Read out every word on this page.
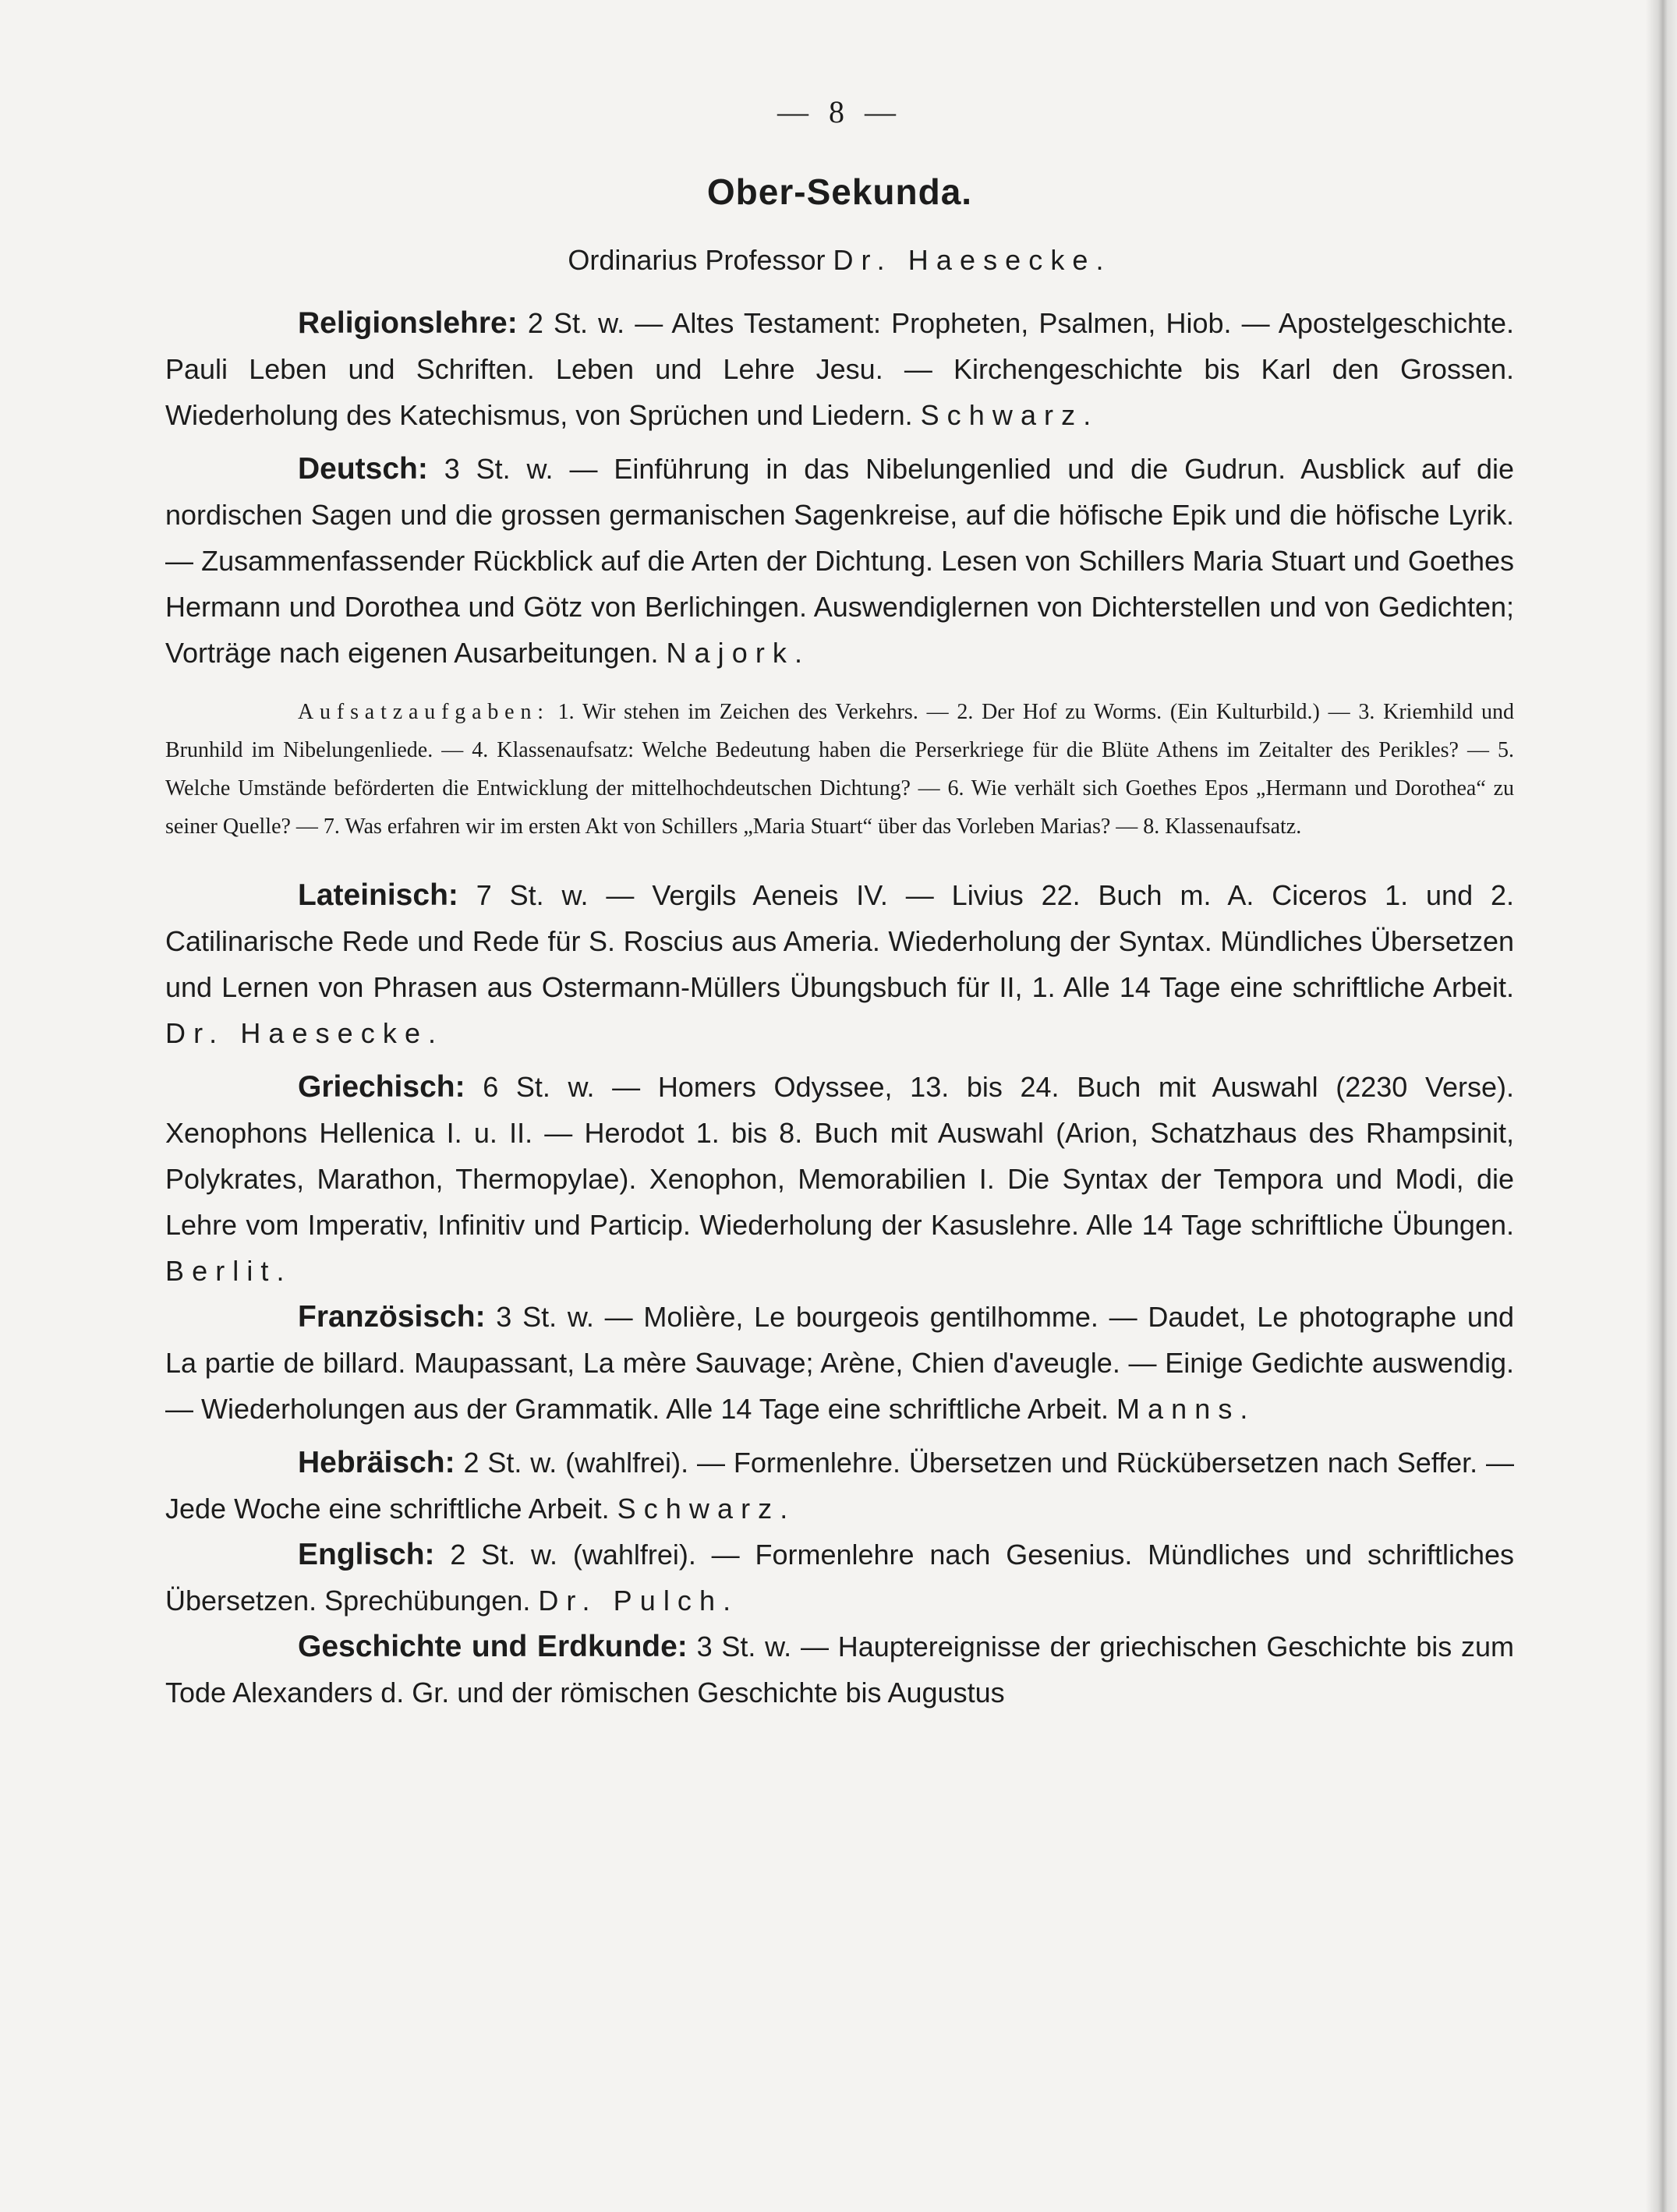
— 8 —
Ober-Sekunda.

Ordinarius Professor Dr. Haesecke.

Religionslehre: 2 St. w. — Altes Testament: Propheten, Psalmen, Hiob. — Apostelgeschichte. Pauli Leben und Schriften. Leben und Lehre Jesu. — Kirchengeschichte bis Karl den Grossen. Wiederholung des Katechismus, von Sprüchen und Liedern. Schwarz.

Deutsch: 3 St. w. — Einführung in das Nibelungenlied und die Gudrun. Ausblick auf die nordischen Sagen und die grossen germanischen Sagenkreise, auf die höfische Epik und die höfische Lyrik. — Zusammenfassender Rückblick auf die Arten der Dichtung. Lesen von Schillers Maria Stuart und Goethes Hermann und Dorothea und Götz von Berlichingen. Auswendiglernen von Dichterstellen und von Gedichten; Vorträge nach eigenen Ausarbeitungen. Najork.

Aufsatzaufgaben: 1. Wir stehen im Zeichen des Verkehrs. — 2. Der Hof zu Worms. (Ein Kulturbild.) — 3. Kriemhild und Brunhild im Nibelungenliede. — 4. Klassenaufsatz: Welche Bedeutung haben die Perserkriege für die Blüte Athens im Zeitalter des Perikles? — 5. Welche Umstände beförderten die Entwicklung der mittelhochdeutschen Dichtung? — 6. Wie verhält sich Goethes Epos „Hermann und Dorothea“ zu seiner Quelle? — 7. Was erfahren wir im ersten Akt von Schillers „Maria Stuart“ über das Vorleben Marias? — 8. Klassenaufsatz.

Lateinisch: 7 St. w. — Vergils Aeneis IV. — Livius 22. Buch m. A. Ciceros 1. und 2. Catilinarische Rede und Rede für S. Roscius aus Ameria. Wiederholung der Syntax. Mündliches Übersetzen und Lernen von Phrasen aus Ostermann-Müllers Übungsbuch für II, 1. Alle 14 Tage eine schriftliche Arbeit. Dr. Haesecke.

Griechisch: 6 St. w. — Homers Odyssee, 13. bis 24. Buch mit Auswahl (2230 Verse). Xenophons Hellenica I. u. II. — Herodot 1. bis 8. Buch mit Auswahl (Arion, Schatzhaus des Rhampsinit, Polykrates, Marathon, Thermopylae). Xenophon, Memorabilien I. Die Syntax der Tempora und Modi, die Lehre vom Imperativ, Infinitiv und Particip. Wiederholung der Kasuslehre. Alle 14 Tage schriftliche Übungen. Berlit.

Französisch: 3 St. w. — Molière, Le bourgeois gentilhomme. — Daudet, Le photographe und La partie de billard. Maupassant, La mère Sauvage; Arène, Chien d'aveugle. — Einige Gedichte auswendig. — Wiederholungen aus der Grammatik. Alle 14 Tage eine schriftliche Arbeit. Manns.

Hebräisch: 2 St. w. (wahlfrei). — Formenlehre. Übersetzen und Rückübersetzen nach Seffer. — Jede Woche eine schriftliche Arbeit. Schwarz.

Englisch: 2 St. w. (wahlfrei). — Formenlehre nach Gesenius. Mündliches und schriftliches Übersetzen. Sprechübungen. Dr. Pulch.

Geschichte und Erdkunde: 3 St. w. — Hauptereignisse der griechischen Geschichte bis zum Tode Alexanders d. Gr. und der römischen Geschichte bis Augustus
